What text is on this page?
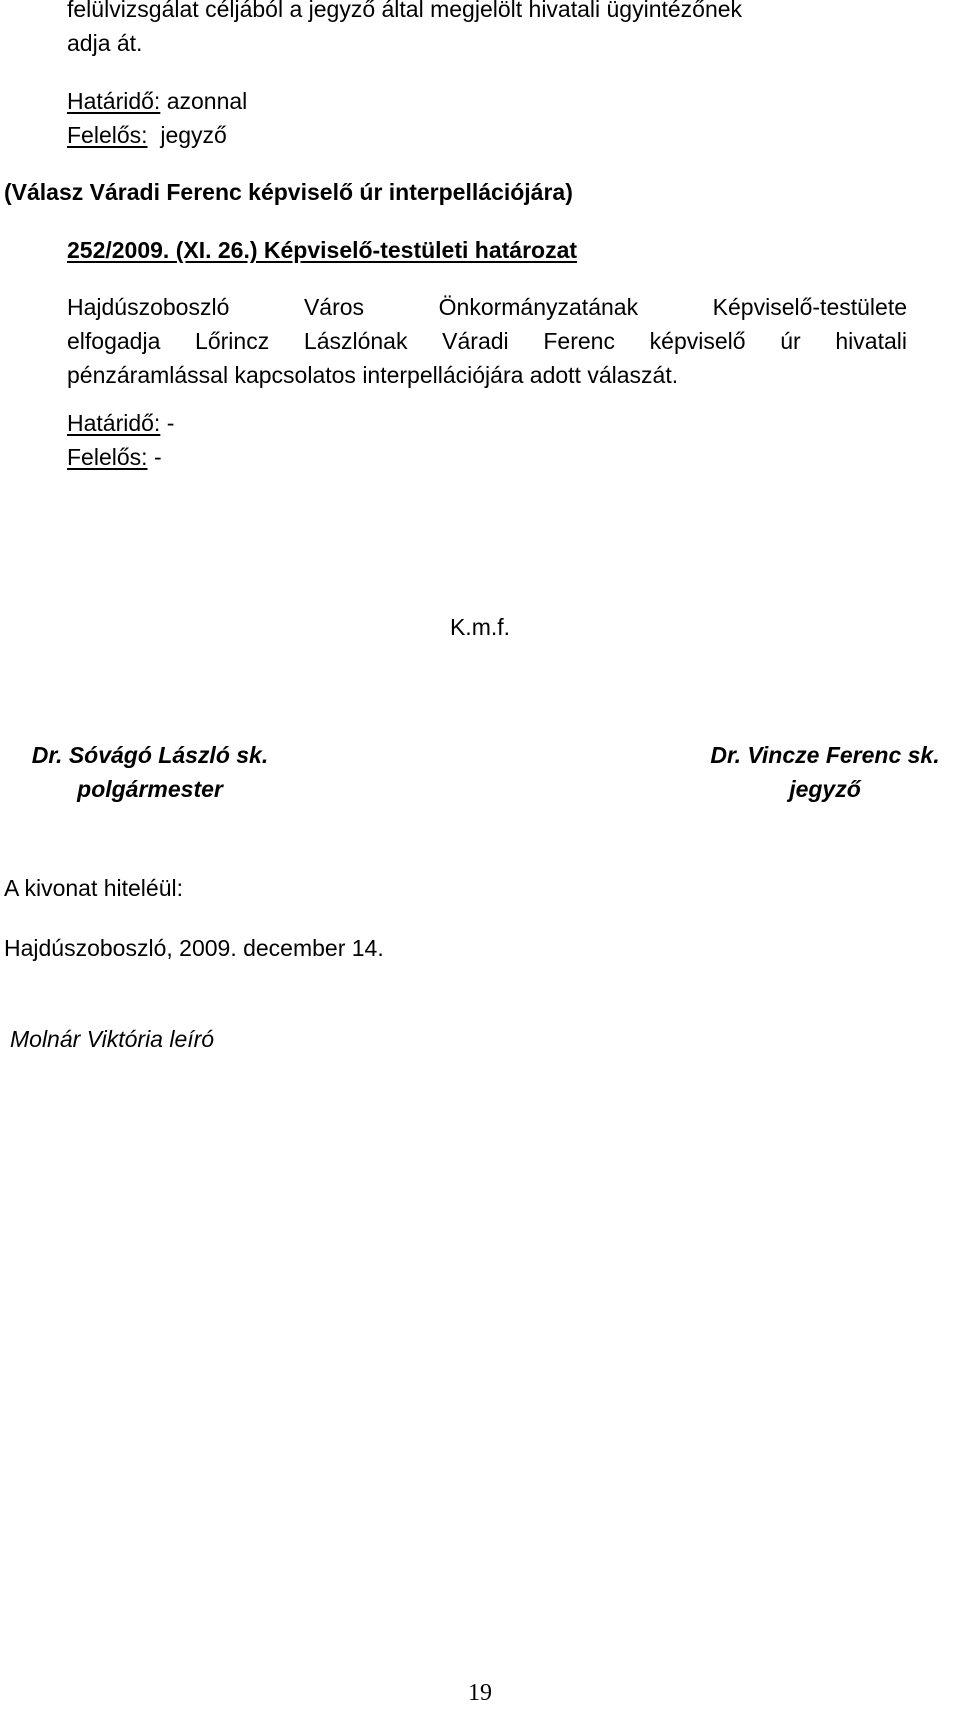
felülvizsgálat céljából a jegyző által megjelölt hivatali ügyintézőnek
adja át.
Határidő: azonnal
Felelős: jegyző
(Válasz Váradi Ferenc képviselő úr interpellációjára)
252/2009. (XI. 26.) Képviselő-testületi határozat
Hajdúszoboszló Város Önkormányzatának Képviselő-testülete
elfogadja Lőrincz Lászlónak Váradi Ferenc képviselő úr hivatali
pénzáramlással kapcsolatos interpellációjára adott válaszát.
Határidő: -
Felelős: -
K.m.f.
Dr. Sóvágó László sk.
polgármester
Dr. Vincze Ferenc sk.
jegyző
A kivonat hiteléül:
Hajdúszoboszló, 2009. december 14.
Molnár Viktória leíró
19
